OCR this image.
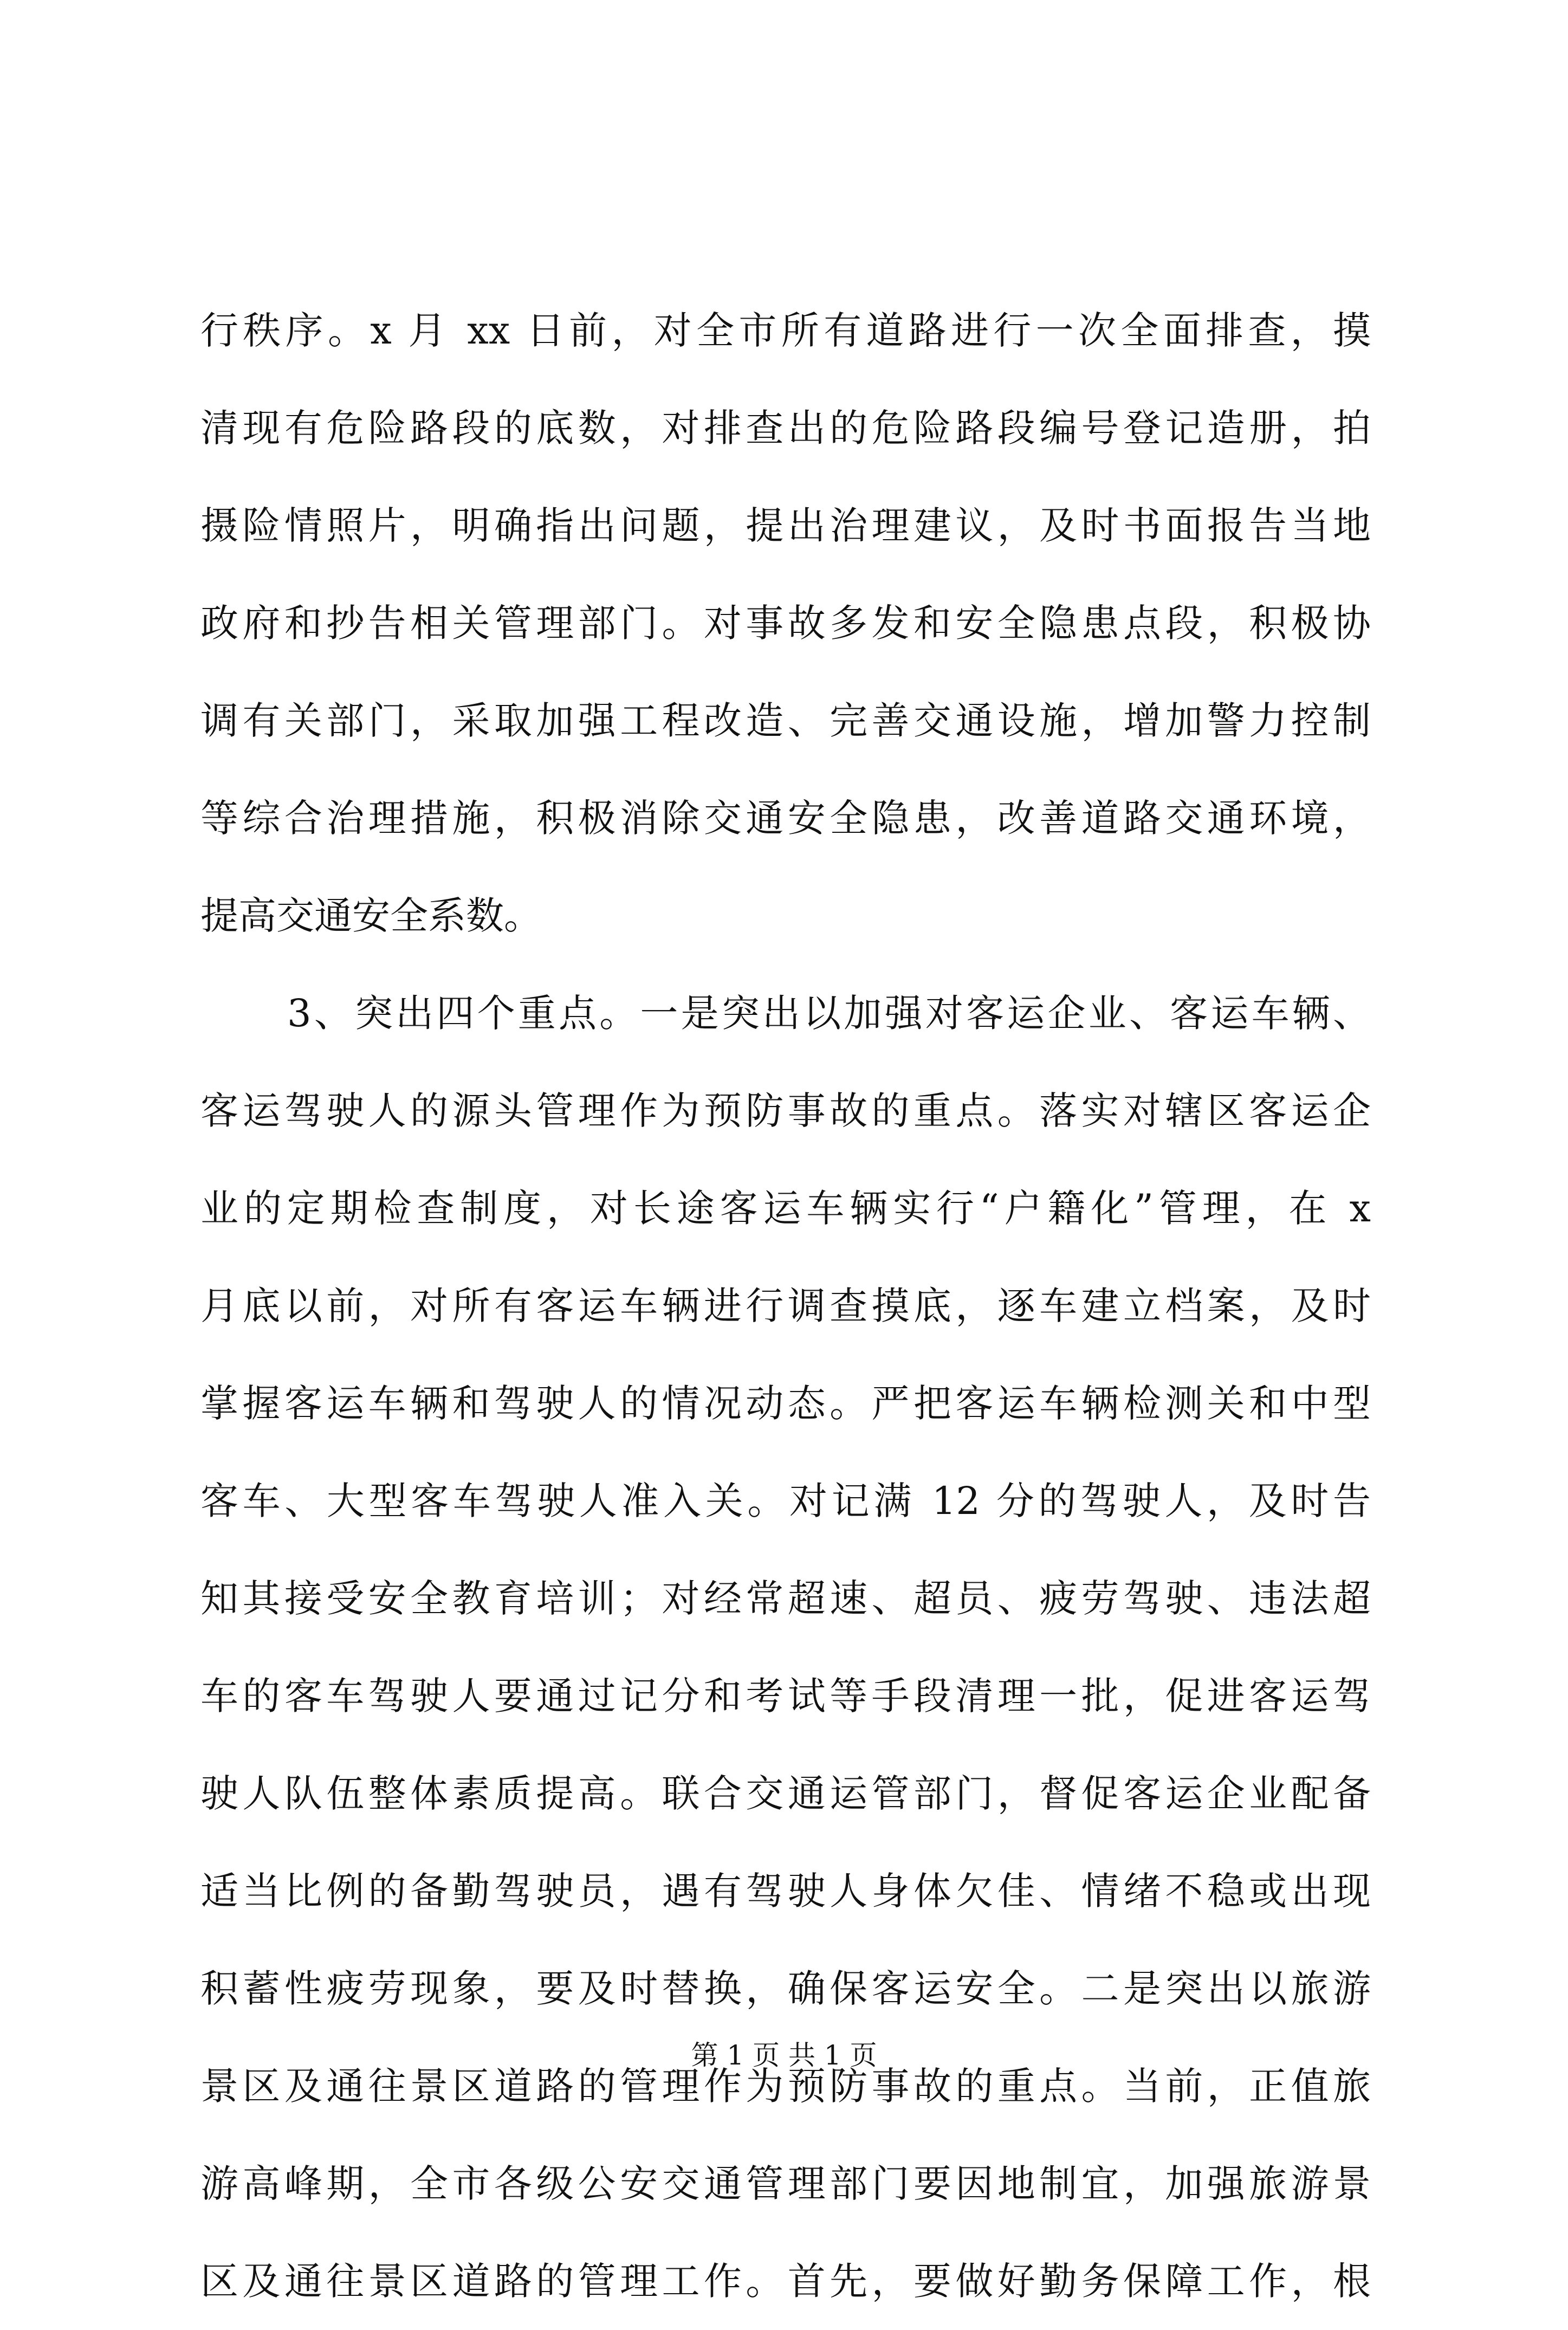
行秩序。x 月 xx 日前，对全市所有道路进行一次全面排查，摸
清现有危险路段的底数，对排查出的危险路段编号登记造册，拍
摄险情照片，明确指出问题，提出治理建议，及时书面报告当地
政府和抄告相关管理部门。对事故多发和安全隐患点段，积极协
调有关部门，采取加强工程改造、完善交通设施，增加警力控制
等综合治理措施，积极消除交通安全隐患，改善道路交通环境，
提高交通安全系数。
3、突出四个重点。一是突出以加强对客运企业、客运车辆、
客运驾驶人的源头管理作为预防事故的重点。落实对辖区客运企
业的定期检查制度，对长途客运车辆实行“户籍化”管理，在 x
月底以前，对所有客运车辆进行调查摸底，逐车建立档案，及时
掌握客运车辆和驾驶人的情况动态。严把客运车辆检测关和中型
客车、大型客车驾驶人准入关。对记满 12 分的驾驶人，及时告
知其接受安全教育培训；对经常超速、超员、疲劳驾驶、违法超
车的客车驾驶人要通过记分和考试等手段清理一批，促进客运驾
驶人队伍整体素质提高。联合交通运管部门，督促客运企业配备
适当比例的备勤驾驶员，遇有驾驶人身体欠佳、情绪不稳或出现
积蓄性疲劳现象，要及时替换，确保客运安全。二是突出以旅游
景区及通往景区道路的管理作为预防事故的重点。当前，正值旅
游高峰期，全市各级公安交通管理部门要因地制宜，加强旅游景
区及通往景区道路的管理工作。首先，要做好勤务保障工作，根
第 1 页 共 1 页
